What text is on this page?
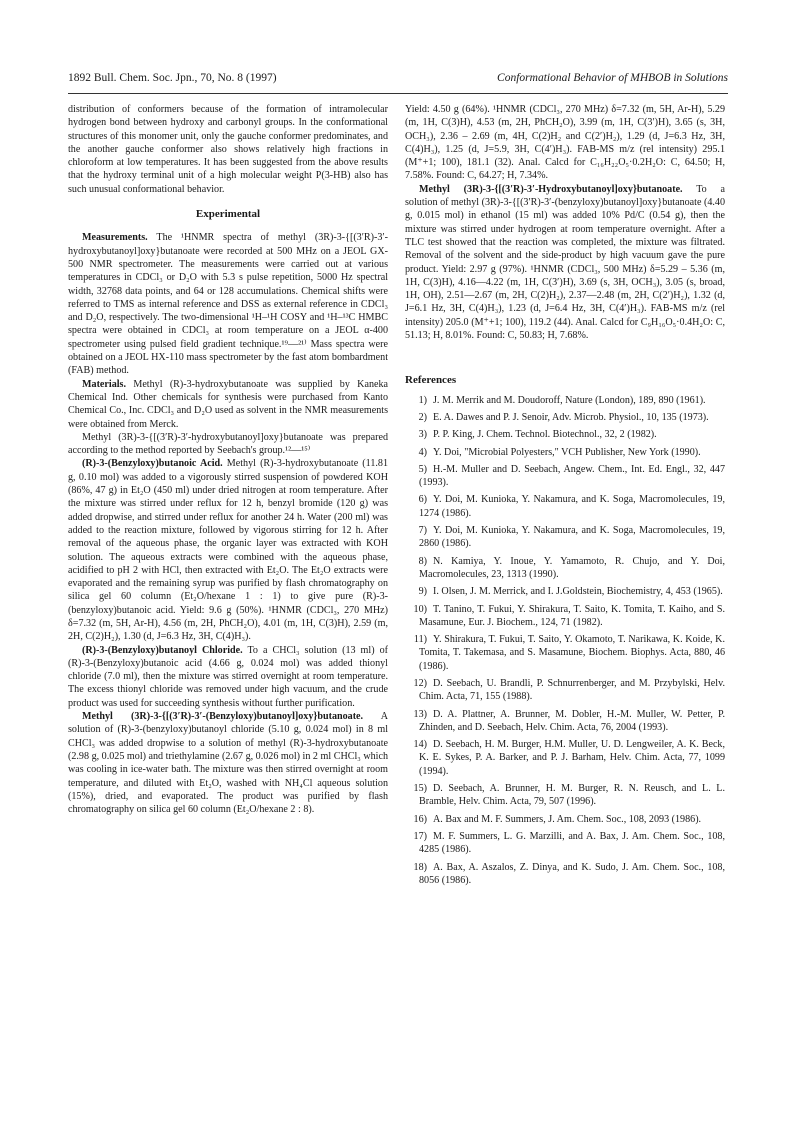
1892 Bull. Chem. Soc. Jpn., 70, No. 8 (1997)	Conformational Behavior of MHBOB in Solutions

distribution of conformers because of the formation of intramolecular hydrogen bond between hydroxy and carbonyl groups. In the conformational structures of this monomer unit, only the gauche conformer predominates, and the another gauche conformer also shows relatively high fractions in chloroform at low temperatures. It has been suggested from the above results that the hydroxy terminal unit of a high molecular weight P(3-HB) also has such unusual conformational behavior.

Experimental

Measurements. The ¹HNMR spectra of methyl (3R)-3-{[(3′R)-3′-hydroxybutanoyl]oxy}butanoate were recorded at 500 MHz on a JEOL GX-500 NMR spectrometer. The measurements were carried out at various temperatures in CDCl₃ or D₂O with 5.3 s pulse repetition, 5000 Hz spectral width, 32768 data points, and 64 or 128 accumulations. Chemical shifts were referred to TMS as internal reference and DSS as external reference in CDCl₃ and D₂O, respectively. The two-dimensional ¹H–¹H COSY and ¹H–¹³C HMBC spectra were obtained in CDCl₃ at room temperature on a JEOL α-400 spectrometer using pulsed field gradient technique.¹⁹—²¹⁾ Mass spectra were obtained on a JEOL HX-110 mass spectrometer by the fast atom bombardment (FAB) method.

Materials. Methyl (R)-3-hydroxybutanoate was supplied by Kaneka Chemical Ind. Other chemicals for synthesis were purchased from Kanto Chemical Co., Inc. CDCl₃ and D₂O used as solvent in the NMR measurements were obtained from Merck.

Methyl (3R)-3-{[(3′R)-3′-hydroxybutanoyl]oxy}butanoate was prepared according to the method reported by Seebach's group.¹²—¹⁵⁾

(R)-3-(Benzyloxy)butanoic Acid. Methyl (R)-3-hydroxybutanoate (11.81 g, 0.10 mol) was added to a vigorously stirred suspension of powdered KOH (86%, 47 g) in Et₂O (450 ml) under dried nitrogen at room temperature. After the mixture was stirred under reflux for 12 h, benzyl bromide (120 g) was added dropwise, and stirred under reflux for another 24 h. Water (200 ml) was added to the reaction mixture, followed by vigorous stirring for 12 h. After removal of the aqueous phase, the organic layer was extracted with KOH solution. The aqueous extracts were combined with the aqueous phase, acidified to pH 2 with HCl, then extracted with Et₂O. The Et₂O extracts were evaporated and the remaining syrup was purified by flash chromatography on silica gel 60 column (Et₂O/hexane 1 : 1) to give pure (R)-3-(benzyloxy)butanoic acid. Yield: 9.6 g (50%). ¹HNMR (CDCl₃, 270 MHz) δ=7.32 (m, 5H, Ar-H), 4.56 (m, 2H, PhCH₂O), 4.01 (m, 1H, C(3)H), 2.59 (m, 2H, C(2)H₂), 1.30 (d, J=6.3 Hz, 3H, C(4)H₃).

(R)-3-(Benzyloxy)butanoyl Chloride. To a CHCl₃ solution (13 ml) of (R)-3-(Benzyloxy)butanoic acid (4.66 g, 0.024 mol) was added thionyl chloride (7.0 ml), then the mixture was stirred overnight at room temperature. The excess thionyl chloride was removed under high vacuum, and the crude product was used for succeeding synthesis without further purification.

Methyl (3R)-3-{[(3′R)-3′-(Benzyloxy)butanoyl]oxy}butanoate. A solution of (R)-3-(benzyloxy)butanoyl chloride (5.10 g, 0.024 mol) in 8 ml CHCl₃ was added dropwise to a solution of methyl (R)-3-hydroxybutanoate (2.98 g, 0.025 mol) and triethylamine (2.67 g, 0.026 mol) in 2 ml CHCl₃ which was cooling in ice-water bath. The mixture was then stirred overnight at room temperature, and diluted with Et₂O, washed with NH₄Cl aqueous solution (15%), dried, and evaporated. The product was purified by flash chromatography on silica gel 60 column (Et₂O/hexane 2 : 8).

Yield: 4.50 g (64%). ¹HNMR (CDCl₃, 270 MHz) δ=7.32 (m, 5H, Ar-H), 5.29 (m, 1H, C(3)H), 4.53 (m, 2H, PhCH₂O), 3.99 (m, 1H, C(3′)H), 3.65 (s, 3H, OCH₃), 2.36 – 2.69 (m, 4H, C(2)H₂ and C(2′)H₂), 1.29 (d, J=6.3 Hz, 3H, C(4)H₃), 1.25 (d, J=5.9, 3H, C(4′)H₃). FAB-MS m/z (rel intensity) 295.1 (M⁺+1; 100), 181.1 (32). Anal. Calcd for C₁₆H₂₂O₅·0.2H₂O: C, 64.50; H, 7.58%. Found: C, 64.27; H, 7.34%.

Methyl (3R)-3-{[(3′R)-3′-Hydroxybutanoyl]oxy}butanoate. To a solution of methyl (3R)-3-{[(3′R)-3′-(benzyloxy)butanoyl]oxy}butanoate (4.40 g, 0.015 mol) in ethanol (15 ml) was added 10% Pd/C (0.54 g), then the mixture was stirred under hydrogen at room temperature overnight. After a TLC test showed that the reaction was completed, the mixture was filtrated. Removal of the solvent and the side-product by high vacuum gave the pure product. Yield: 2.97 g (97%). ¹HNMR (CDCl₃, 500 MHz) δ=5.29 – 5.36 (m, 1H, C(3)H), 4.16—4.22 (m, 1H, C(3′)H), 3.69 (s, 3H, OCH₃), 3.05 (s, broad, 1H, OH), 2.51—2.67 (m, 2H, C(2)H₂), 2.37—2.48 (m, 2H, C(2′)H₂), 1.32 (d, J=6.1 Hz, 3H, C(4)H₃), 1.23 (d, J=6.4 Hz, 3H, C(4′)H₃). FAB-MS m/z (rel intensity) 205.0 (M⁺+1; 100), 119.2 (44). Anal. Calcd for C₉H₁₆O₅·0.4H₂O: C, 51.13; H, 8.01%. Found: C, 50.83; H, 7.68%.

References
1) J. M. Merrik and M. Doudoroff, Nature (London), 189, 890 (1961).
2) E. A. Dawes and P. J. Senoir, Adv. Microb. Physiol., 10, 135 (1973).
3) P. P. King, J. Chem. Technol. Biotechnol., 32, 2 (1982).
4) Y. Doi, "Microbial Polyesters," VCH Publisher, New York (1990).
5) H.-M. Muller and D. Seebach, Angew. Chem., Int. Ed. Engl., 32, 447 (1993).
6) Y. Doi, M. Kunioka, Y. Nakamura, and K. Soga, Macromolecules, 19, 1274 (1986).
7) Y. Doi, M. Kunioka, Y. Nakamura, and K. Soga, Macromolecules, 19, 2860 (1986).
8) N. Kamiya, Y. Inoue, Y. Yamamoto, R. Chujo, and Y. Doi, Macromolecules, 23, 1313 (1990).
9) I. Olsen, J. M. Merrick, and I. J.Goldstein, Biochemistry, 4, 453 (1965).
10) T. Tanino, T. Fukui, Y. Shirakura, T. Saito, K. Tomita, T. Kaiho, and S. Masamune, Eur. J. Biochem., 124, 71 (1982).
11) Y. Shirakura, T. Fukui, T. Saito, Y. Okamoto, T. Narikawa, K. Koide, K. Tomita, T. Takemasa, and S. Masamune, Biochem. Biophys. Acta, 880, 46 (1986).
12) D. Seebach, U. Brandli, P. Schnurrenberger, and M. Przybylski, Helv. Chim. Acta, 71, 155 (1988).
13) D. A. Plattner, A. Brunner, M. Dobler, H.-M. Muller, W. Petter, P. Zhinden, and D. Seebach, Helv. Chim. Acta, 76, 2004 (1993).
14) D. Seebach, H. M. Burger, H.M. Muller, U. D. Lengweiler, A. K. Beck, K. E. Sykes, P. A. Barker, and P. J. Barham, Helv. Chim. Acta, 77, 1099 (1994).
15) D. Seebach, A. Brunner, H. M. Burger, R. N. Reusch, and L. L. Bramble, Helv. Chim. Acta, 79, 507 (1996).
16) A. Bax and M. F. Summers, J. Am. Chem. Soc., 108, 2093 (1986).
17) M. F. Summers, L. G. Marzilli, and A. Bax, J. Am. Chem. Soc., 108, 4285 (1986).
18) A. Bax, A. Aszalos, Z. Dinya, and K. Sudo, J. Am. Chem. Soc., 108, 8056 (1986).
